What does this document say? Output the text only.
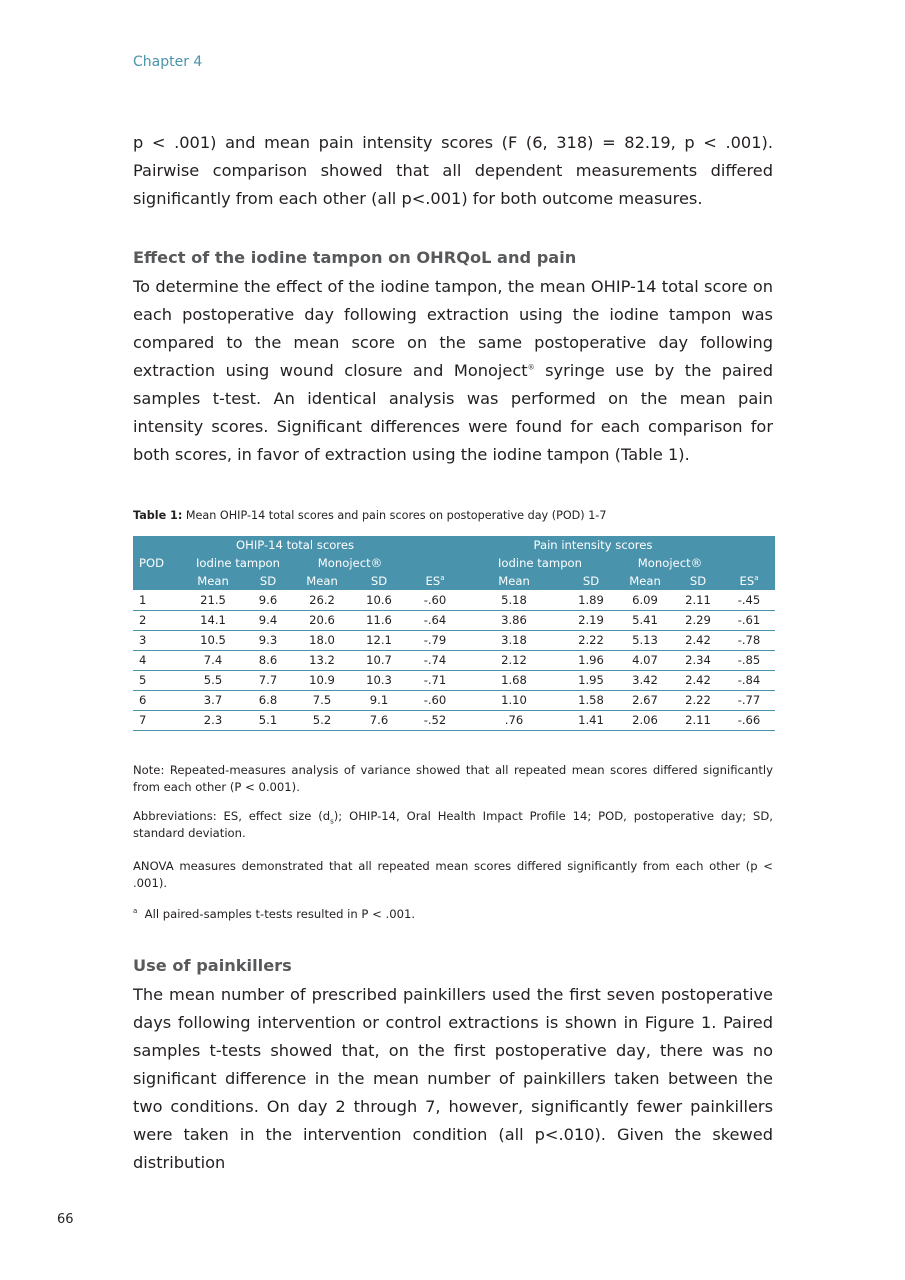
Chapter 4

p < .001) and mean pain intensity scores (F (6, 318) = 82.19, p < .001). Pairwise comparison showed that all dependent measurements differed significantly from each other (all p<.001) for both outcome measures.

Effect of the iodine tampon on OHRQoL and pain

To determine the effect of the iodine tampon, the mean OHIP-14 total score on each postoperative day following extraction using the iodine tampon was compared to the mean score on the same postoperative day following extraction using wound closure and Monoject® syringe use by the paired samples t-test. An identical analysis was performed on the mean pain intensity scores. Significant differences were found for each comparison for both scores, in favor of extraction using the iodine tampon (Table 1).

Table 1: Mean OHIP-14 total scores and pain scores on postoperative day (POD) 1-7

	OHIP-14 total scores					Pain intensity scores				
POD	Iodine tampon		Monoject®			Iodine tampon		Monoject®		
	Mean	SD	Mean	SD	$ES^a$	Mean	SD	Mean	SD	$ES^a$
1	21.5	9.6	26.2	10.6	-.60	5.18	1.89	6.09	2.11	-.45
2	14.1	9.4	20.6	11.6	-.64	3.86	2.19	5.41	2.29	-.61
3	10.5	9.3	18.0	12.1	-.79	3.18	2.22	5.13	2.42	-.78
4	7.4	8.6	13.2	10.7	-.74	2.12	1.96	4.07	2.34	-.85
5	5.5	7.7	10.9	10.3	-.71	1.68	1.95	3.42	2.42	-.84
6	3.7	6.8	7.5	9.1	-.60	1.10	1.58	2.67	2.22	-.77
7	2.3	5.1	5.2	7.6	-.52	.76	1.41	2.06	2.11	-.66

Note: Repeated-measures analysis of variance showed that all repeated mean scores differed significantly from each other (P < 0.001).

Abbreviations: ES, effect size $(d_s)$; OHIP-14, Oral Health Impact Profile 14; POD, postoperative day; SD, standard deviation.

ANOVA measures demonstrated that all repeated mean scores differed significantly from each other (p < .001).

$^a$ All paired-samples t-tests resulted in P < .001.

Use of painkillers

The mean number of prescribed painkillers used the first seven postoperative days following intervention or control extractions is shown in Figure 1. Paired samples t-tests showed that, on the first postoperative day, there was no significant difference in the mean number of painkillers taken between the two conditions. On day 2 through 7, however, significantly fewer painkillers were taken in the intervention condition (all p<.010). Given the skewed distribution

66
